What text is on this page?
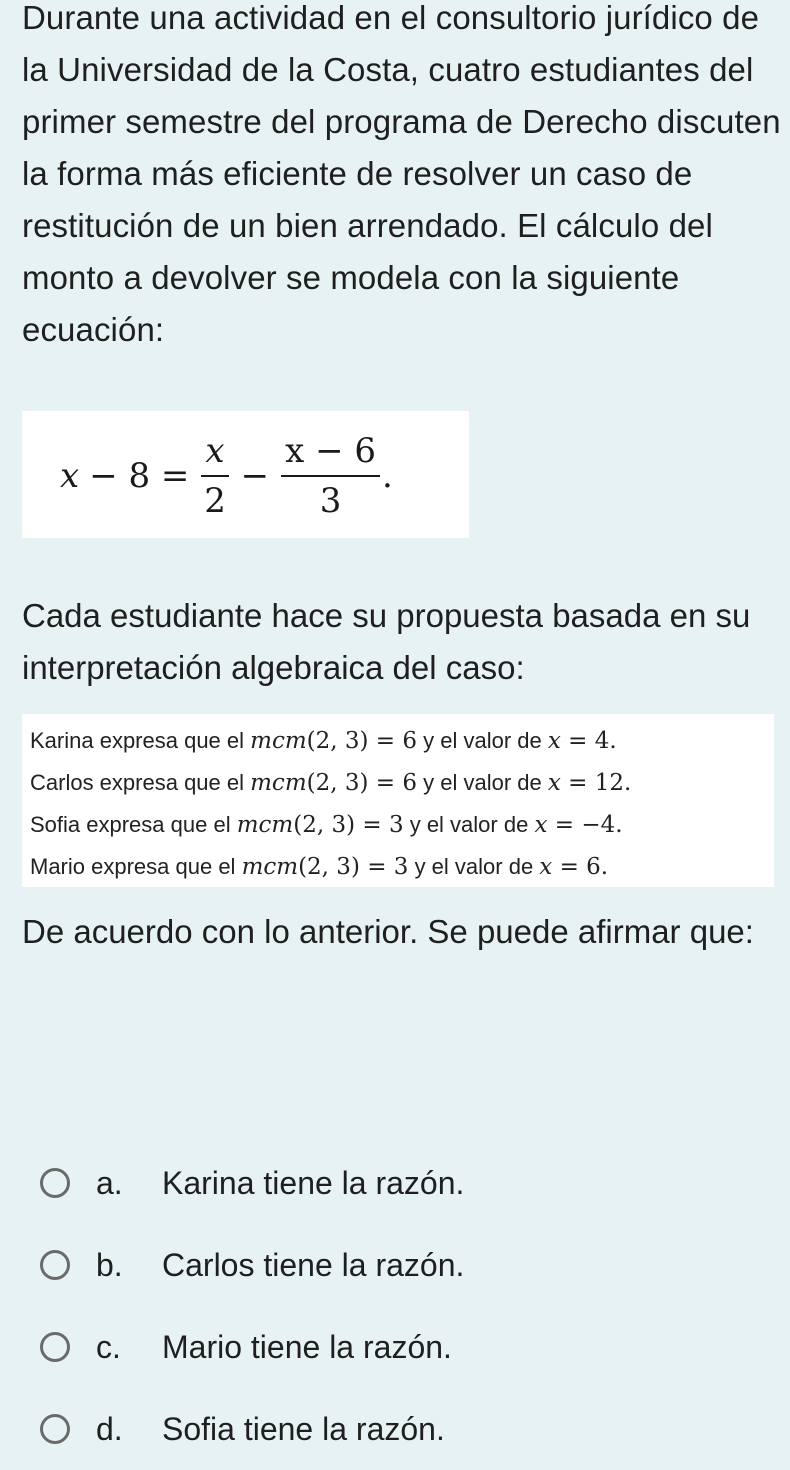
Durante una actividad en el consultorio jurídico de la Universidad de la Costa, cuatro estudiantes del primer semestre del programa de Derecho discuten la forma más eficiente de resolver un caso de restitución de un bien arrendado. El cálculo del monto a devolver se modela con la siguiente ecuación:

$x - 8 = \frac{x}{2} - \frac{x - 6}{3}$ .

Cada estudiante hace su propuesta basada en su interpretación algebraica del caso:

Karina expresa que el mcm(2, 3) = 6 y el valor de x = 4.
Carlos expresa que el mcm(2, 3) = 6 y el valor de x = 12.
Sofia expresa que el mcm(2, 3) = 3 y el valor de x = −4.
Mario expresa que el mcm(2, 3) = 3 y el valor de x = 6.

De acuerdo con lo anterior. Se puede afirmar que:

a.	Karina tiene la razón.
b.	Carlos tiene la razón.
c.	Mario tiene la razón.
d.	Sofia tiene la razón.
